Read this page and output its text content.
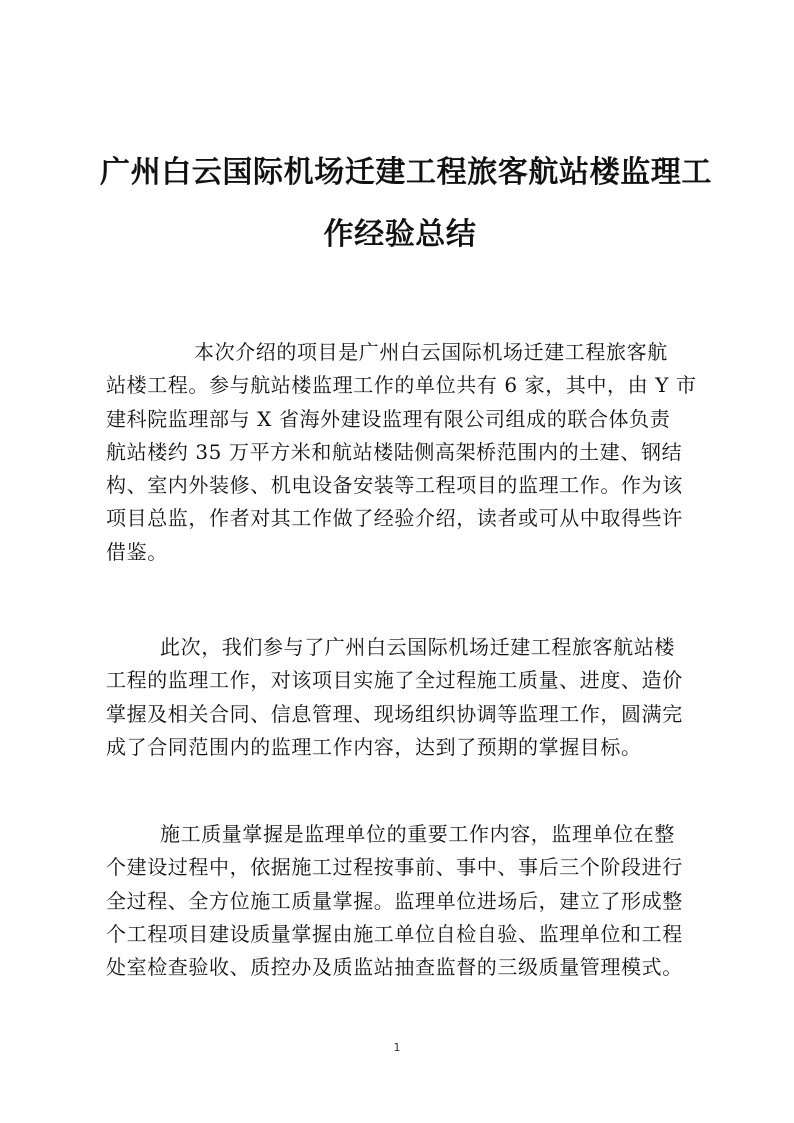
广州白云国际机场迁建工程旅客航站楼监理工
作经验总结

本次介绍的项目是广州白云国际机场迁建工程旅客航
站楼工程。参与航站楼监理工作的单位共有 6 家，其中，由 Y 市
建科院监理部与 X 省海外建设监理有限公司组成的联合体负责
航站楼约 35 万平方米和航站楼陆侧高架桥范围内的土建、钢结
构、室内外装修、机电设备安装等工程项目的监理工作。作为该
项目总监，作者对其工作做了经验介绍，读者或可从中取得些许
借鉴。

此次，我们参与了广州白云国际机场迁建工程旅客航站楼
工程的监理工作，对该项目实施了全过程施工质量、进度、造价
掌握及相关合同、信息管理、现场组织协调等监理工作，圆满完
成了合同范围内的监理工作内容，达到了预期的掌握目标。

施工质量掌握是监理单位的重要工作内容，监理单位在整
个建设过程中，依据施工过程按事前、事中、事后三个阶段进行
全过程、全方位施工质量掌握。监理单位进场后，建立了形成整
个工程项目建设质量掌握由施工单位自检自验、监理单位和工程
处室检查验收、质控办及质监站抽查监督的三级质量管理模式。

1
